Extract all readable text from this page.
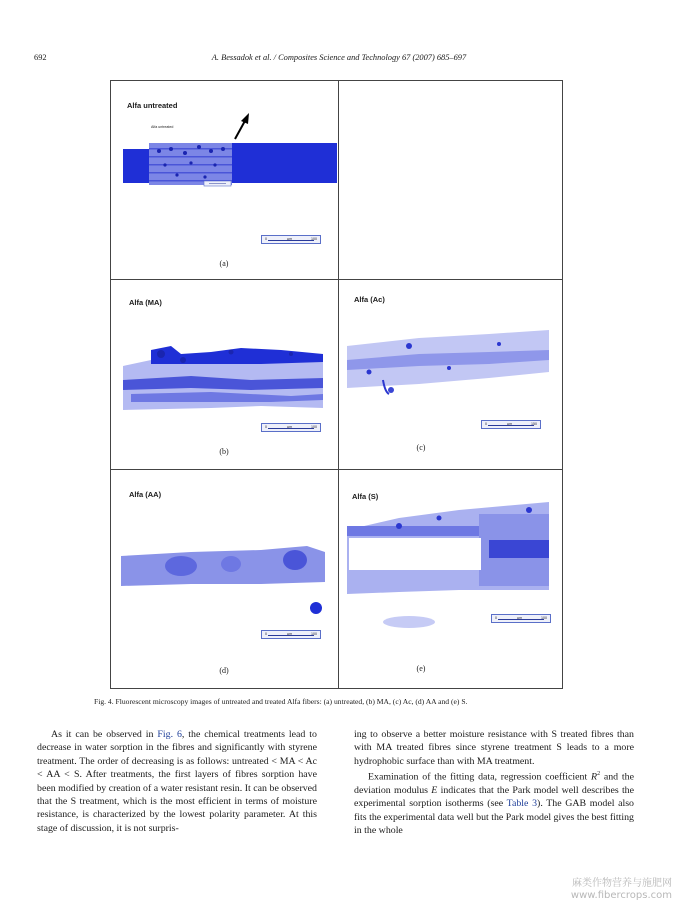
692	A. Bessadok et al. / Composites Science and Technology 67 (2007) 685–697
Alfa untreated
Alfa untreated
0	µm	100
(a)
Alfa (MA)
0	µm	100
(b)
Alfa (Ac)
0	µm	150
(c)
Alfa (AA)
0	µm	100
(d)
Alfa (S)
0	µm	100
(e)
Fig. 4. Fluorescent microscopy images of untreated and treated Alfa fibers: (a) untreated, (b) MA, (c) Ac, (d) AA and (e) S.

As it can be observed in Fig. 6, the chemical treatments lead to decrease in water sorption in the fibres and significantly with styrene treatment. The order of decreasing is as follows: untreated < MA < Ac < AA < S. After treatments, the first layers of fibres sorption have been modified by creation of a water resistant resin. It can be observed that the S treatment, which is the most efficient in terms of moisture resistance, is characterized by the lowest polarity parameter. At this stage of discussion, it is not surpris-

ing to observe a better moisture resistance with S treated fibres than with MA treated fibres since styrene treatment S leads to a more hydrophobic surface than with MA treatment.

Examination of the fitting data, regression coefficient $R^2$ and the deviation modulus E indicates that the Park model well describes the experimental sorption isotherms (see Table 3). The GAB model also fits the experimental data well but the Park model gives the best fitting in the whole

麻类作物营养与施肥网
www.fibercrops.com
